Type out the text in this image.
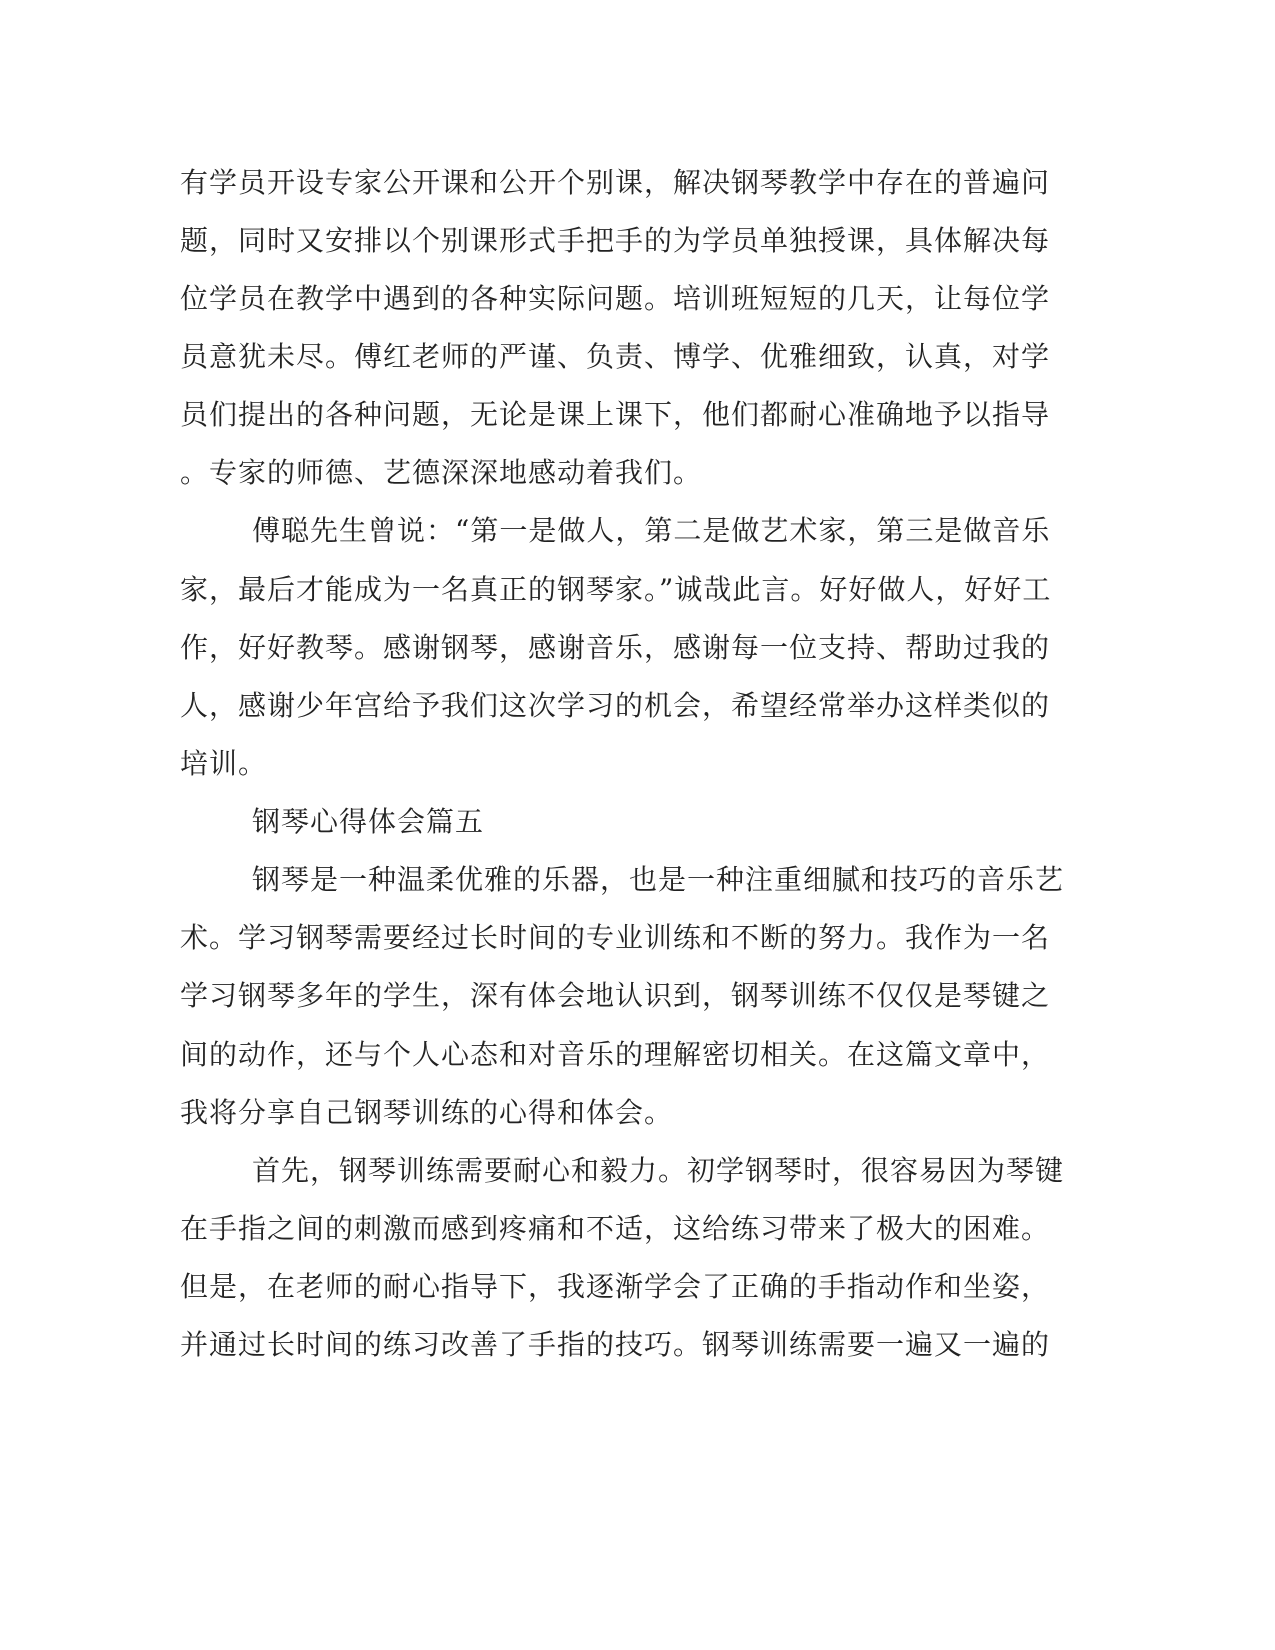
有学员开设专家公开课和公开个别课，解决钢琴教学中存在的普遍问
题，同时又安排以个别课形式手把手的为学员单独授课，具体解决每
位学员在教学中遇到的各种实际问题。培训班短短的几天，让每位学
员意犹未尽。傅红老师的严谨、负责、博学、优雅细致，认真，对学
员们提出的各种问题，无论是课上课下，他们都耐心准确地予以指导
。专家的师德、艺德深深地感动着我们。
傅聪先生曾说：“第一是做人，第二是做艺术家，第三是做音乐
家，最后才能成为一名真正的钢琴家。”诚哉此言。好好做人，好好工
作，好好教琴。感谢钢琴，感谢音乐，感谢每一位支持、帮助过我的
人，感谢少年宫给予我们这次学习的机会，希望经常举办这样类似的
培训。
钢琴心得体会篇五
钢琴是一种温柔优雅的乐器，也是一种注重细腻和技巧的音乐艺
术。学习钢琴需要经过长时间的专业训练和不断的努力。我作为一名
学习钢琴多年的学生，深有体会地认识到，钢琴训练不仅仅是琴键之
间的动作，还与个人心态和对音乐的理解密切相关。在这篇文章中，
我将分享自己钢琴训练的心得和体会。
首先，钢琴训练需要耐心和毅力。初学钢琴时，很容易因为琴键
在手指之间的刺激而感到疼痛和不适，这给练习带来了极大的困难。
但是，在老师的耐心指导下，我逐渐学会了正确的手指动作和坐姿，
并通过长时间的练习改善了手指的技巧。钢琴训练需要一遍又一遍的
